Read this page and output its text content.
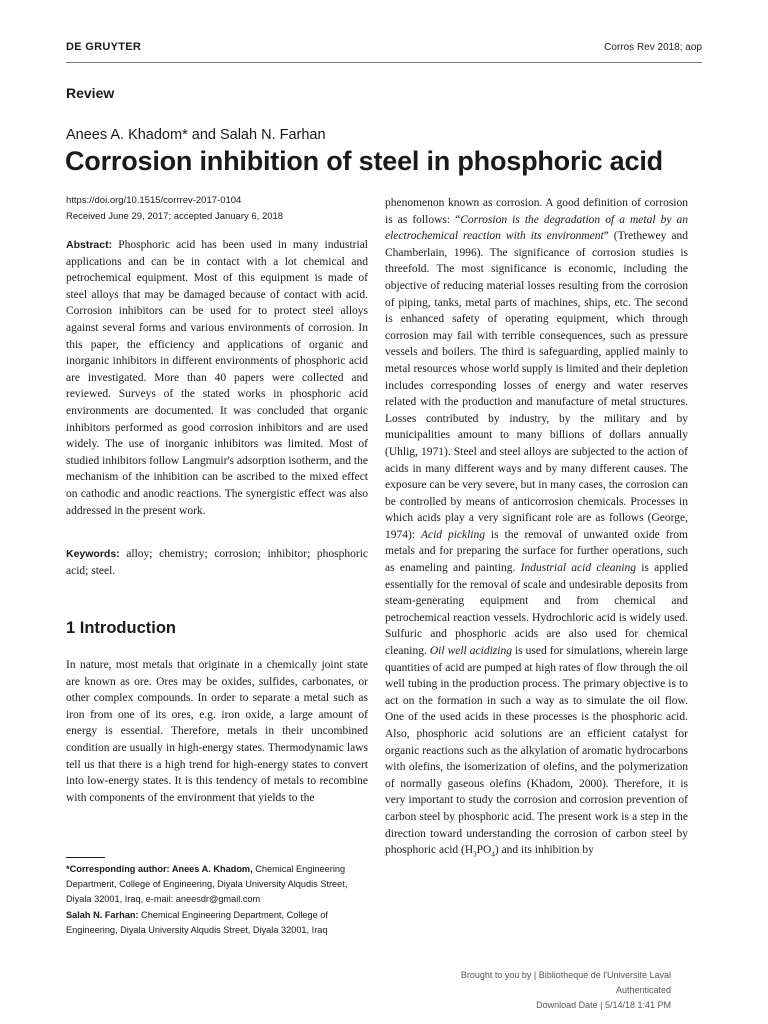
DE GRUYTER	Corros Rev 2018; aop
Review
Anees A. Khadom* and Salah N. Farhan
Corrosion inhibition of steel in phosphoric acid
https://doi.org/10.1515/corrrev-2017-0104
Received June 29, 2017; accepted January 6, 2018
Abstract: Phosphoric acid has been used in many industrial applications and can be in contact with a lot chemical and petrochemical equipment. Most of this equipment is made of steel alloys that may be damaged because of contact with acid. Corrosion inhibitors can be used for to protect steel alloys against several forms and various environments of corrosion. In this paper, the efficiency and applications of organic and inorganic inhibitors in different environments of phosphoric acid are investigated. More than 40 papers were collected and reviewed. Surveys of the stated works in phosphoric acid environments are documented. It was concluded that organic inhibitors performed as good corrosion inhibitors and are used widely. The use of inorganic inhibitors was limited. Most of studied inhibitors follow Langmuir's adsorption isotherm, and the mechanism of the inhibition can be ascribed to the mixed effect on cathodic and anodic reactions. The synergistic effect was also addressed in the present work.
Keywords: alloy; chemistry; corrosion; inhibitor; phosphoric acid; steel.
1 Introduction
In nature, most metals that originate in a chemically joint state are known as ore. Ores may be oxides, sulfides, carbonates, or other complex compounds. In order to separate a metal such as iron from one of its ores, e.g. iron oxide, a large amount of energy is essential. Therefore, metals in their uncombined condition are usually in high-energy states. Thermodynamic laws tell us that there is a high trend for high-energy states to convert into low-energy states. It is this tendency of metals to recombine with components of the environment that yields to the
phenomenon known as corrosion. A good definition of corrosion is as follows: “Corrosion is the degradation of a metal by an electrochemical reaction with its environment” (Trethewey and Chamberlain, 1996). The significance of corrosion studies is threefold. The most significance is economic, including the objective of reducing material losses resulting from the corrosion of piping, tanks, metal parts of machines, ships, etc. The second is enhanced safety of operating equipment, which through corrosion may fail with terrible consequences, such as pressure vessels and boilers. The third is safeguarding, applied mainly to metal resources whose world supply is limited and their depletion includes corresponding losses of energy and water reserves related with the production and manufacture of metal structures. Losses contributed by industry, by the military and by municipalities amount to many billions of dollars annually (Uhlig, 1971). Steel and steel alloys are subjected to the action of acids in many different ways and by many different causes. The exposure can be very severe, but in many cases, the corrosion can be controlled by means of anticorrosion chemicals. Processes in which acids play a very significant role are as follows (George, 1974): Acid pickling is the removal of unwanted oxide from metals and for preparing the surface for further operations, such as enameling and painting. Industrial acid cleaning is applied essentially for the removal of scale and undesirable deposits from steam-generating equipment and from chemical and petrochemical reaction vessels. Hydrochloric acid is widely used. Sulfuric and phosphoric acids are also used for chemical cleaning. Oil well acidizing is used for simulations, wherein large quantities of acid are pumped at high rates of flow through the oil well tubing in the production process. The primary objective is to act on the formation in such a way as to simulate the oil flow. One of the used acids in these processes is the phosphoric acid. Also, phosphoric acid solutions are an efficient catalyst for organic reactions such as the alkylation of aromatic hydrocarbons with olefins, the isomerization of olefins, and the polymerization of normally gaseous olefins (Khadom, 2000). Therefore, it is very important to study the corrosion and corrosion prevention of carbon steel by phosphoric acid. The present work is a step in the direction toward understanding the corrosion of carbon steel by phosphoric acid $(H_3PO_4)$ and its inhibition by
*Corresponding author: Anees A. Khadom, Chemical Engineering Department, College of Engineering, Diyala University Alqudis Street, Diyala 32001, Iraq, e-mail: aneesdr@gmail.com
Salah N. Farhan: Chemical Engineering Department, College of Engineering, Diyala University Alqudis Street, Diyala 32001, Iraq
Brought to you by | Bibliotheque de l'Universite Laval
Authenticated
Download Date | 5/14/18 1:41 PM
